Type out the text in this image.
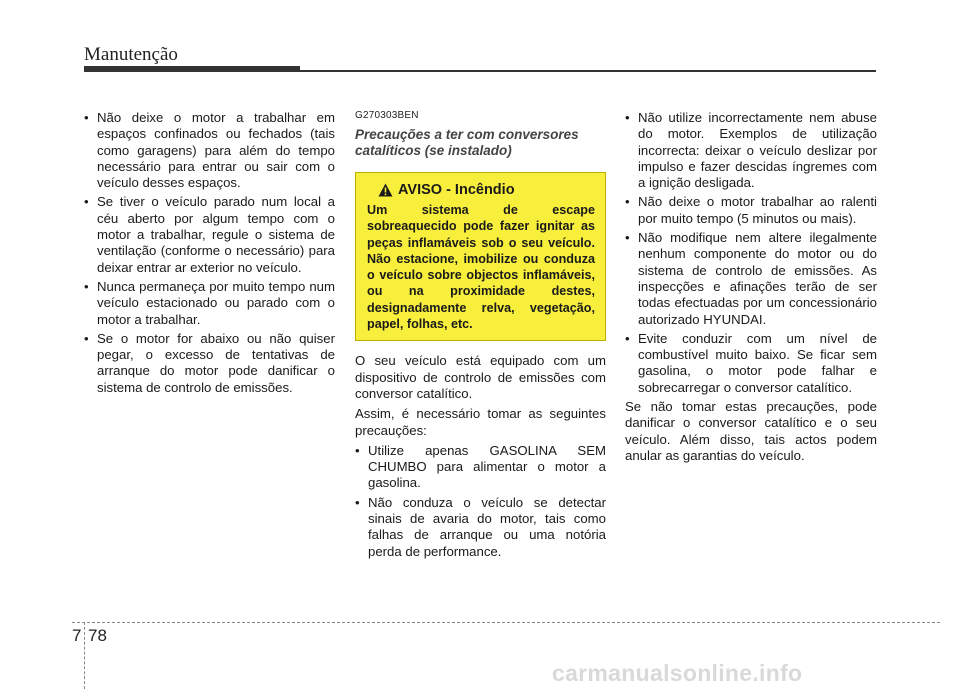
Manutenção
• Não deixe o motor a trabalhar em espaços confinados ou fechados (tais como garagens) para além do tempo necessário para entrar ou sair com o veículo desses espaços.
• Se tiver o veículo parado num local a céu aberto por algum tempo com o motor a trabalhar, regule o sistema de ventilação (conforme o necessário) para deixar entrar ar exterior no veículo.
• Nunca permaneça por muito tempo num veículo estacionado ou parado com o motor a trabalhar.
• Se o motor for abaixo ou não quiser pegar, o excesso de tentativas de arranque do motor pode danificar o sistema de controlo de emissões.
G270303BEN
Precauções a ter com conversores catalíticos (se instalado)
AVISO - Incêndio
Um sistema de escape sobreaquecido pode fazer ignitar as peças inflamáveis sob o seu veículo. Não estacione, imobilize ou conduza o veículo sobre objectos inflamáveis, ou na proximidade destes, designadamente relva, vegetação, papel, folhas, etc.
O seu veículo está equipado com um dispositivo de controlo de emissões com conversor catalítico.
Assim, é necessário tomar as seguintes precauções:
• Utilize apenas GASOLINA SEM CHUMBO para alimentar o motor a gasolina.
• Não conduza o veículo se detectar sinais de avaria do motor, tais como falhas de arranque ou uma notória perda de performance.
• Não utilize incorrectamente nem abuse do motor. Exemplos de utilização incorrecta: deixar o veículo deslizar por impulso e fazer descidas íngremes com a ignição desligada.
• Não deixe o motor trabalhar ao ralenti por muito tempo (5 minutos ou mais).
• Não modifique nem altere ilegalmente nenhum componente do motor ou do sistema de controlo de emissões. As inspecções e afinações terão de ser todas efectuadas por um concessionário autorizado HYUNDAI.
• Evite conduzir com um nível de combustível muito baixo. Se ficar sem gasolina, o motor pode falhar e sobrecarregar o conversor catalítico.
Se não tomar estas precauções, pode danificar o conversor catalítico e o seu veículo. Além disso, tais actos podem anular as garantias do veículo.
7 78
carmanualsonline.info
